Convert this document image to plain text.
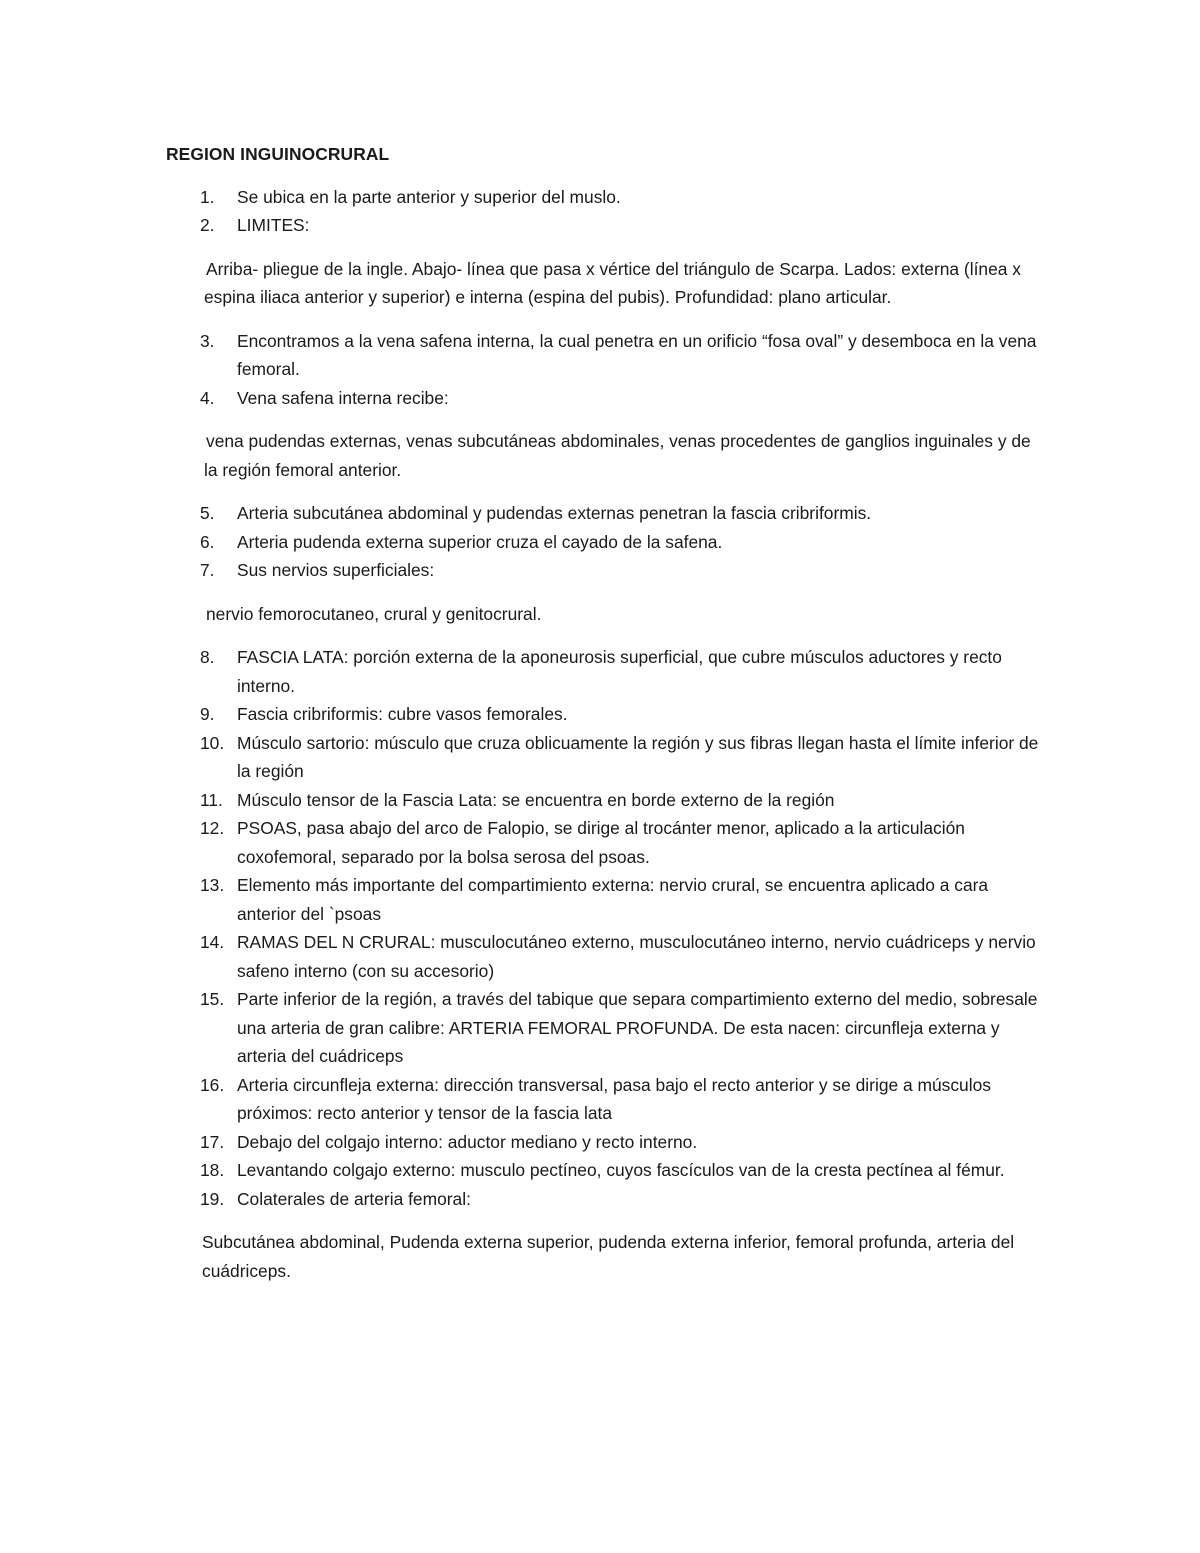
REGION INGUINOCRURAL

1. Se ubica en la parte anterior y superior del muslo.
2. LIMITES:

Arriba- pliegue de la ingle. Abajo- línea que pasa x vértice del triángulo de Scarpa. Lados: externa (línea x espina iliaca anterior y superior) e interna (espina del pubis). Profundidad: plano articular.

3. Encontramos a la vena safena interna, la cual penetra en un orificio “fosa oval” y desemboca en la vena femoral.
4. Vena safena interna recibe:

vena pudendas externas, venas subcutáneas abdominales, venas procedentes de ganglios inguinales y de la región femoral anterior.

5. Arteria subcutánea abdominal y pudendas externas penetran la fascia cribriformis.
6. Arteria pudenda externa superior cruza el cayado de la safena.
7. Sus nervios superficiales:

nervio femorocutaneo, crural y genitocrural.

8. FASCIA LATA: porción externa de la aponeurosis superficial, que cubre músculos aductores y recto interno.
9. Fascia cribriformis: cubre vasos femorales.
10. Músculo sartorio: músculo que cruza oblicuamente la región y sus fibras llegan hasta el límite inferior de la región
11. Músculo tensor de la Fascia Lata: se encuentra en borde externo de la región
12. PSOAS, pasa abajo del arco de Falopio, se dirige al trocánter menor, aplicado a la articulación coxofemoral, separado por la bolsa serosa del psoas.
13. Elemento más importante del compartimiento externa: nervio crural, se encuentra aplicado a cara anterior del `psoas
14. RAMAS DEL N CRURAL: musculocutáneo externo, musculocutáneo interno, nervio cuádriceps y nervio safeno interno (con su accesorio)
15. Parte inferior de la región, a través del tabique que separa compartimiento externo del medio, sobresale una arteria de gran calibre: ARTERIA FEMORAL PROFUNDA. De esta nacen: circunfleja externa y arteria del cuádriceps
16. Arteria circunfleja externa: dirección transversal, pasa bajo el recto anterior y se dirige a músculos próximos: recto anterior y tensor de la fascia lata
17. Debajo del colgajo interno: aductor mediano y recto interno.
18. Levantando colgajo externo: musculo pectíneo, cuyos fascículos van de la cresta pectínea al fémur.
19. Colaterales de arteria femoral:

Subcutánea abdominal, Pudenda externa superior, pudenda externa inferior, femoral profunda, arteria del cuádriceps.
